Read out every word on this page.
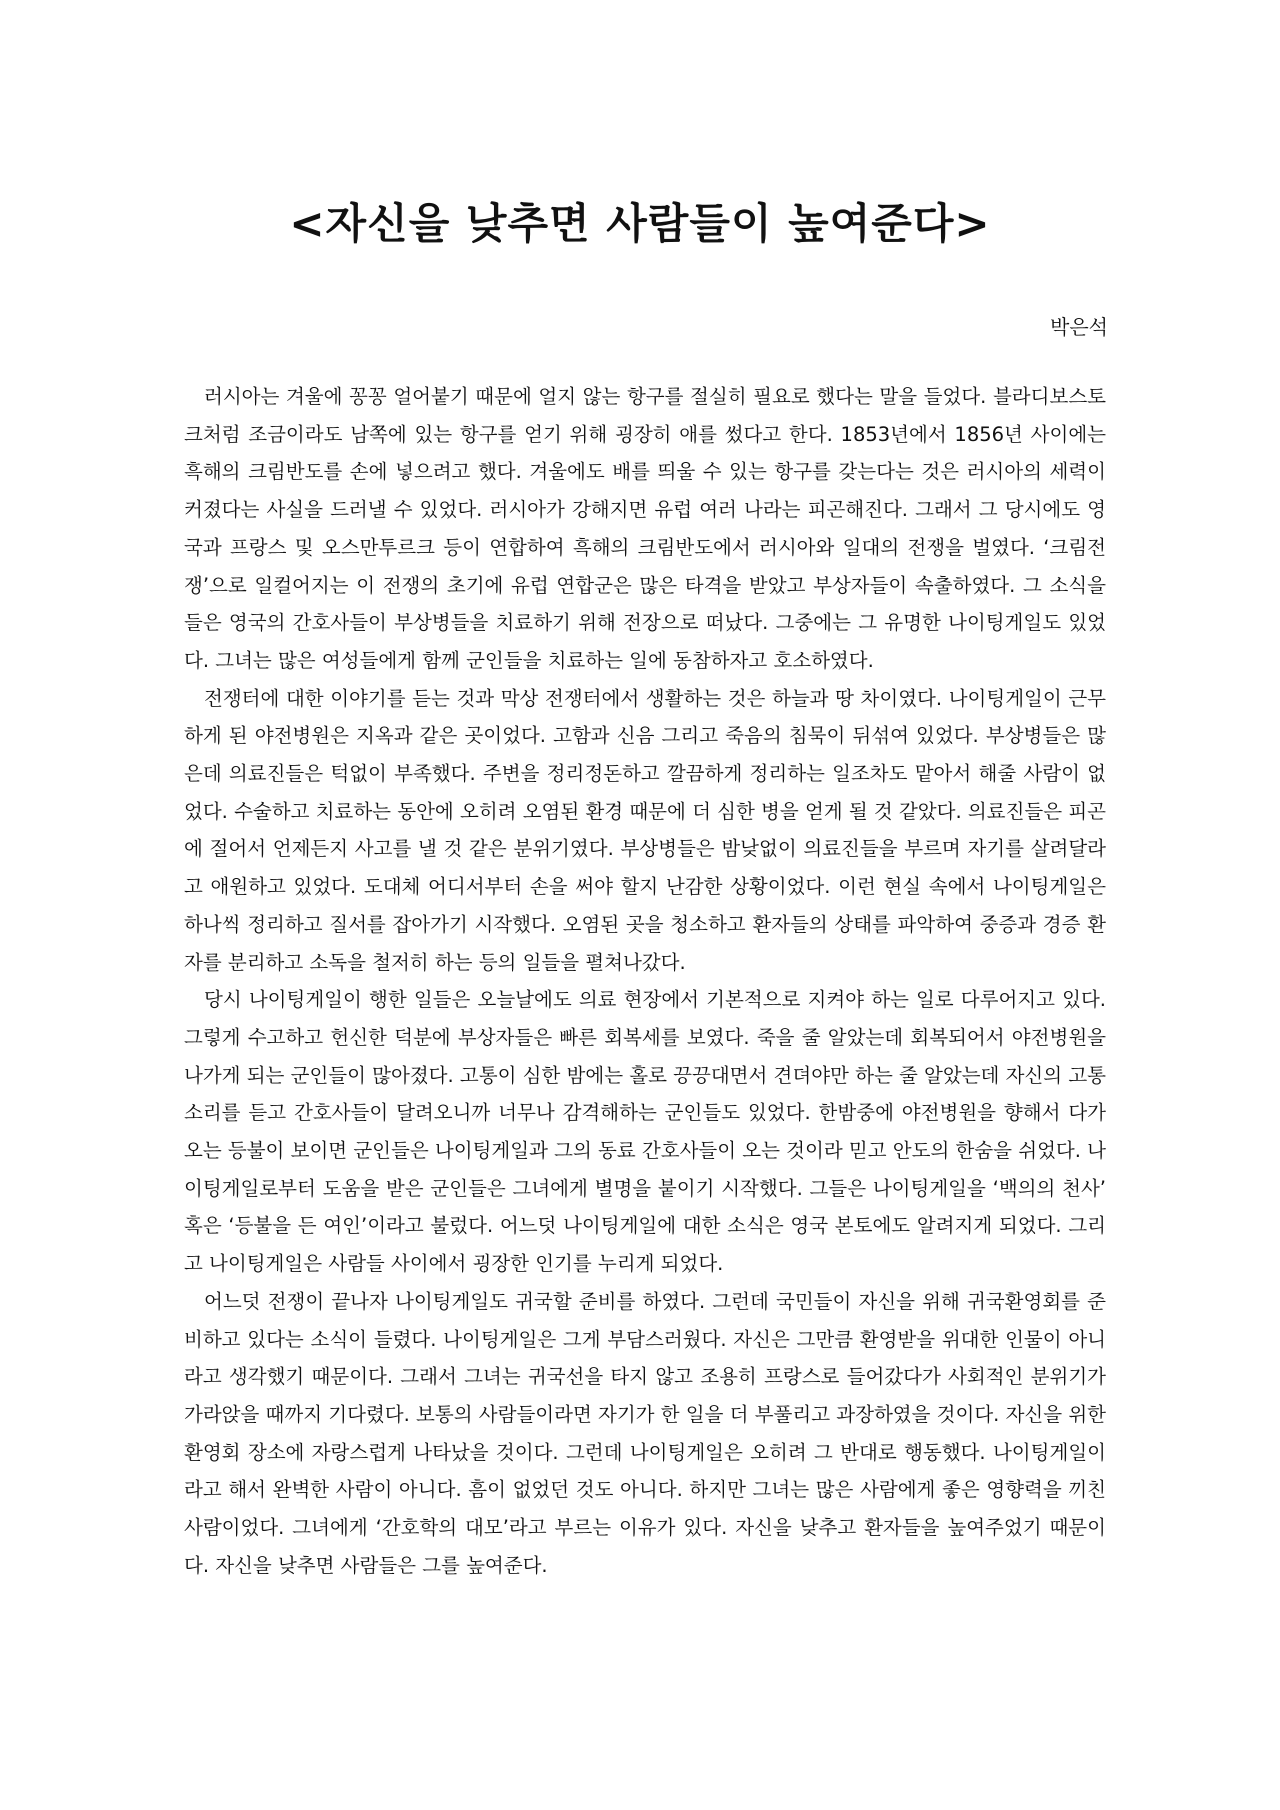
<자신을 낮추면 사람들이 높여준다>
박은석

러시아는 겨울에 꽁꽁 얼어붙기 때문에 얼지 않는 항구를 절실히 필요로 했다는 말을 들었다. 블라디보스토크처럼 조금이라도 남쪽에 있는 항구를 얻기 위해 굉장히 애를 썼다고 한다. 1853년에서 1856년 사이에는 흑해의 크림반도를 손에 넣으려고 했다. 겨울에도 배를 띄울 수 있는 항구를 갖는다는 것은 러시아의 세력이 커졌다는 사실을 드러낼 수 있었다. 러시아가 강해지면 유럽 여러 나라는 피곤해진다. 그래서 그 당시에도 영국과 프랑스 및 오스만투르크 등이 연합하여 흑해의 크림반도에서 러시아와 일대의 전쟁을 벌였다. ‘크림전쟁’으로 일컬어지는 이 전쟁의 초기에 유럽 연합군은 많은 타격을 받았고 부상자들이 속출하였다. 그 소식을 들은 영국의 간호사들이 부상병들을 치료하기 위해 전장으로 떠났다. 그중에는 그 유명한 나이팅게일도 있었다. 그녀는 많은 여성들에게 함께 군인들을 치료하는 일에 동참하자고 호소하였다.

전쟁터에 대한 이야기를 듣는 것과 막상 전쟁터에서 생활하는 것은 하늘과 땅 차이였다. 나이팅게일이 근무하게 된 야전병원은 지옥과 같은 곳이었다. 고함과 신음 그리고 죽음의 침묵이 뒤섞여 있었다. 부상병들은 많은데 의료진들은 턱없이 부족했다. 주변을 정리정돈하고 깔끔하게 정리하는 일조차도 맡아서 해줄 사람이 없었다. 수술하고 치료하는 동안에 오히려 오염된 환경 때문에 더 심한 병을 얻게 될 것 같았다. 의료진들은 피곤에 절어서 언제든지 사고를 낼 것 같은 분위기였다. 부상병들은 밤낮없이 의료진들을 부르며 자기를 살려달라고 애원하고 있었다. 도대체 어디서부터 손을 써야 할지 난감한 상황이었다. 이런 현실 속에서 나이팅게일은 하나씩 정리하고 질서를 잡아가기 시작했다. 오염된 곳을 청소하고 환자들의 상태를 파악하여 중증과 경증 환자를 분리하고 소독을 철저히 하는 등의 일들을 펼쳐나갔다.

당시 나이팅게일이 행한 일들은 오늘날에도 의료 현장에서 기본적으로 지켜야 하는 일로 다루어지고 있다. 그렇게 수고하고 헌신한 덕분에 부상자들은 빠른 회복세를 보였다. 죽을 줄 알았는데 회복되어서 야전병원을 나가게 되는 군인들이 많아졌다. 고통이 심한 밤에는 홀로 끙끙대면서 견뎌야만 하는 줄 알았는데 자신의 고통 소리를 듣고 간호사들이 달려오니까 너무나 감격해하는 군인들도 있었다. 한밤중에 야전병원을 향해서 다가오는 등불이 보이면 군인들은 나이팅게일과 그의 동료 간호사들이 오는 것이라 믿고 안도의 한숨을 쉬었다. 나이팅게일로부터 도움을 받은 군인들은 그녀에게 별명을 붙이기 시작했다. 그들은 나이팅게일을 ‘백의의 천사’ 혹은 ‘등불을 든 여인’이라고 불렀다. 어느덧 나이팅게일에 대한 소식은 영국 본토에도 알려지게 되었다. 그리고 나이팅게일은 사람들 사이에서 굉장한 인기를 누리게 되었다.

어느덧 전쟁이 끝나자 나이팅게일도 귀국할 준비를 하였다. 그런데 국민들이 자신을 위해 귀국환영회를 준비하고 있다는 소식이 들렸다. 나이팅게일은 그게 부담스러웠다. 자신은 그만큼 환영받을 위대한 인물이 아니라고 생각했기 때문이다. 그래서 그녀는 귀국선을 타지 않고 조용히 프랑스로 들어갔다가 사회적인 분위기가 가라앉을 때까지 기다렸다. 보통의 사람들이라면 자기가 한 일을 더 부풀리고 과장하였을 것이다. 자신을 위한 환영회 장소에 자랑스럽게 나타났을 것이다. 그런데 나이팅게일은 오히려 그 반대로 행동했다. 나이팅게일이라고 해서 완벽한 사람이 아니다. 흠이 없었던 것도 아니다. 하지만 그녀는 많은 사람에게 좋은 영향력을 끼친 사람이었다. 그녀에게 ‘간호학의 대모’라고 부르는 이유가 있다. 자신을 낮추고 환자들을 높여주었기 때문이다. 자신을 낮추면 사람들은 그를 높여준다.
